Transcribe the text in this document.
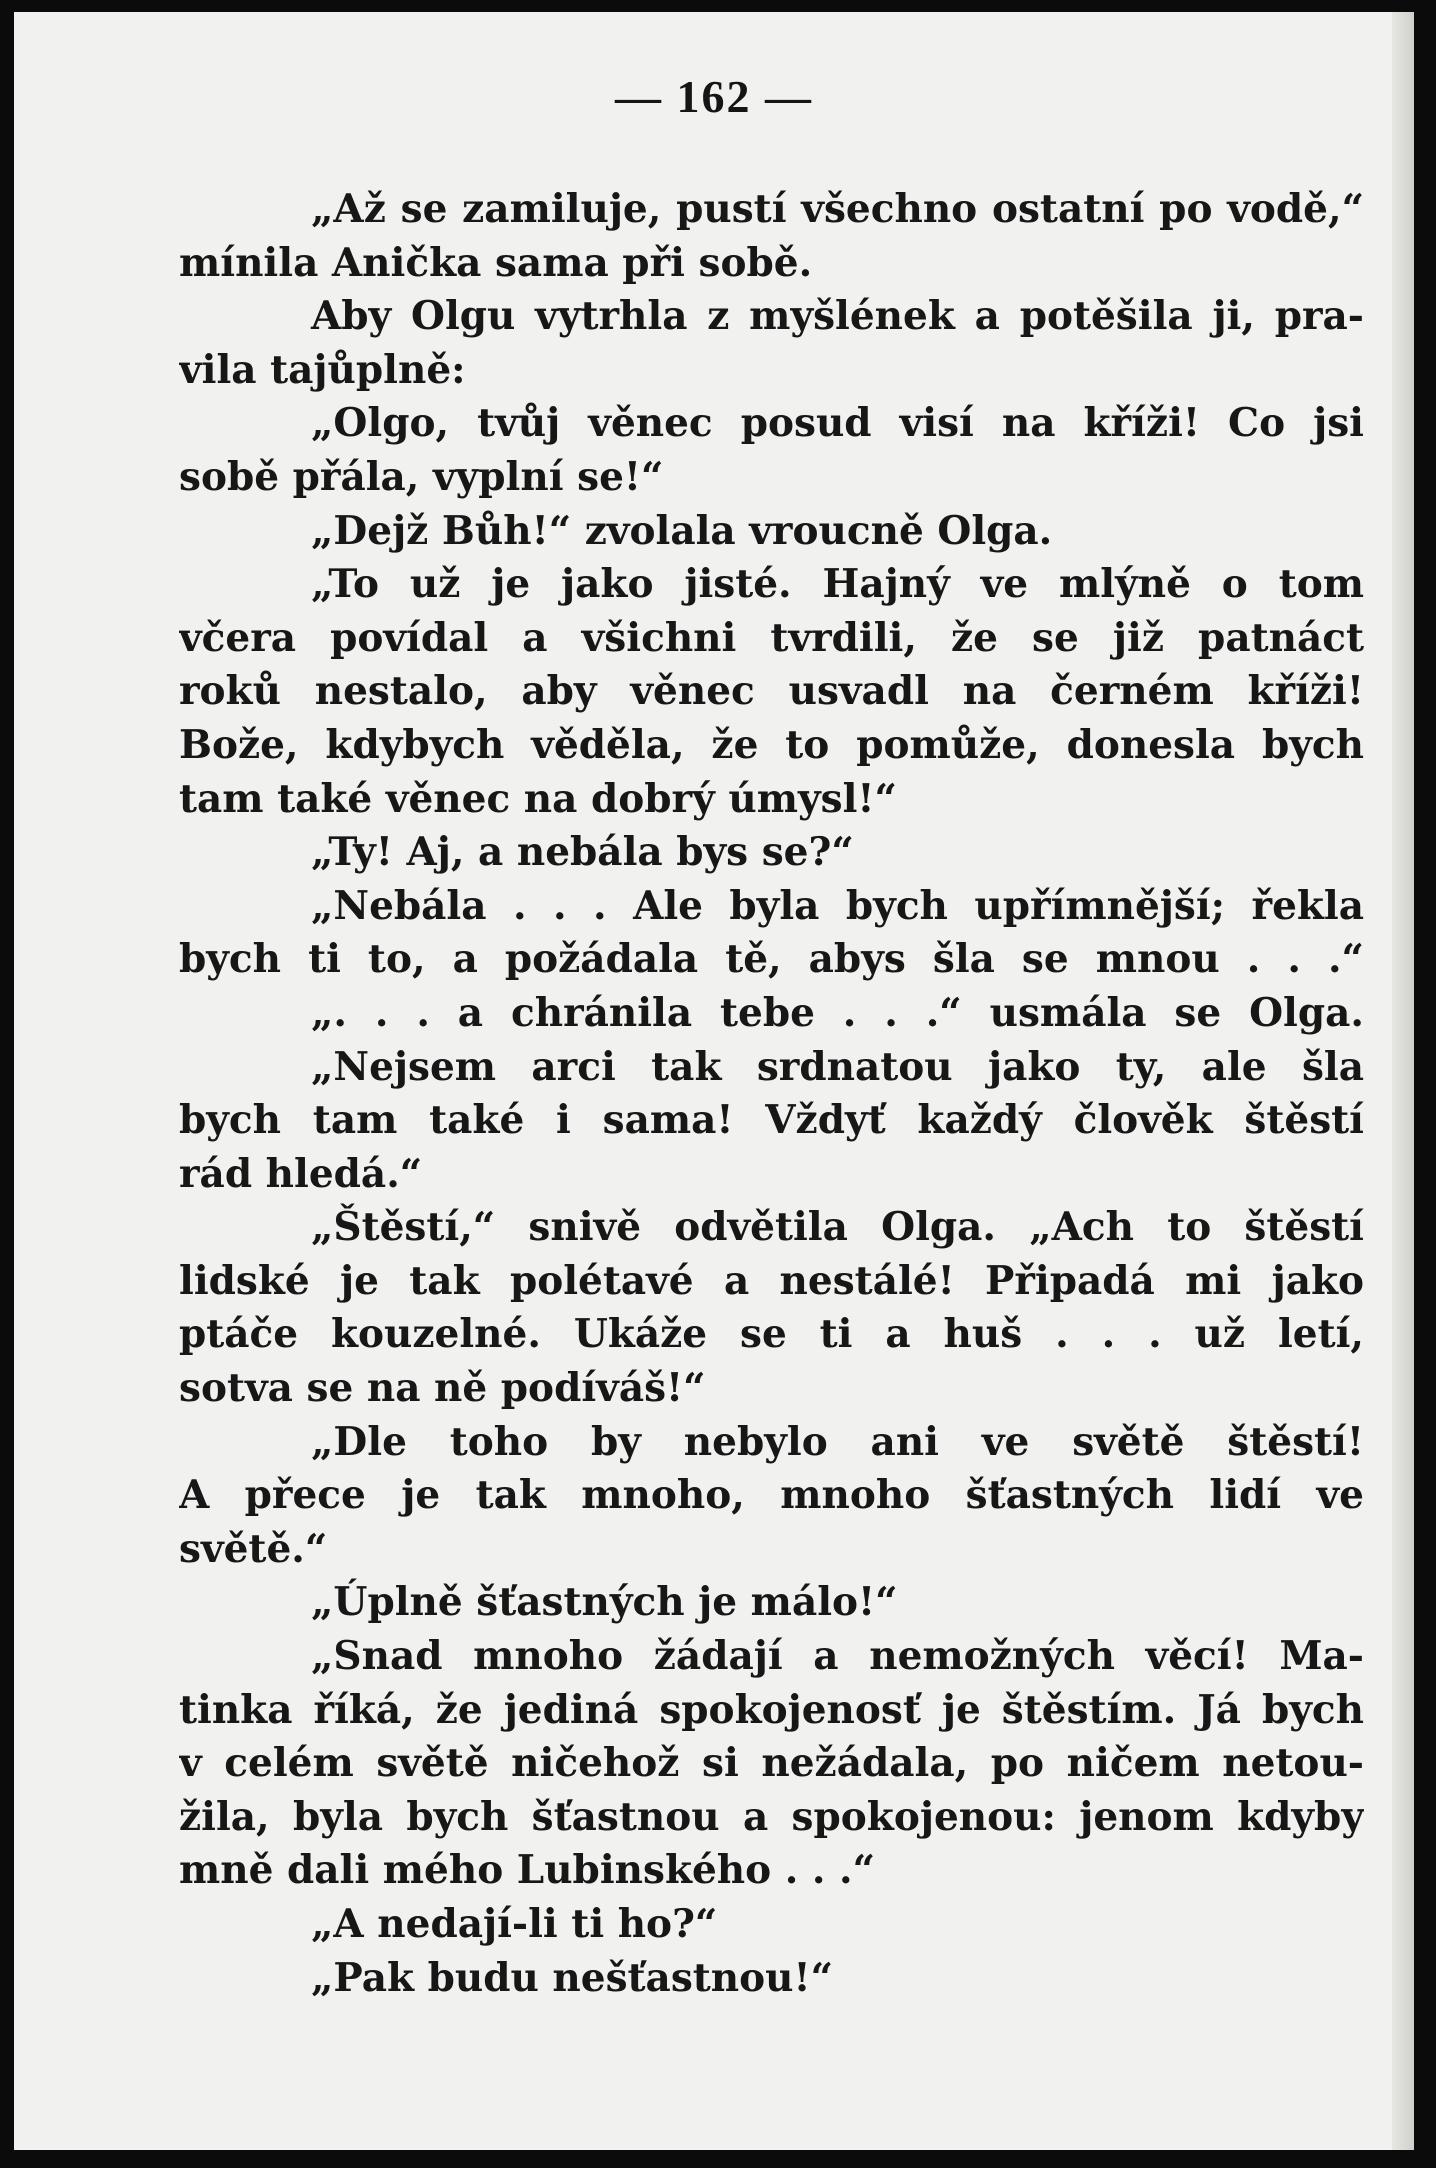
— 162 —
„Až se zamiluje, pustí všechno ostatní po vodě,“
mínila Anička sama při sobě.
Aby Olgu vytrhla z myšlének a potěšila ji, pra-
vila tajůplně:
„Olgo, tvůj věnec posud visí na kříži! Co jsi
sobě přála, vyplní se!“
„Dejž Bůh!“ zvolala vroucně Olga.
„To už je jako jisté. Hajný ve mlýně o tom
včera povídal a všichni tvrdili, že se již patnáct
roků nestalo, aby věnec usvadl na černém kříži!
Bože, kdybych věděla, že to pomůže, donesla bych
tam také věnec na dobrý úmysl!“
„Ty! Aj, a nebála bys se?“
„Nebála . . . Ale byla bych upřímnější; řekla
bych ti to, a požádala tě, abys šla se mnou . . .“
„. . . a chránila tebe . . .“ usmála se Olga.
„Nejsem arci tak srdnatou jako ty, ale šla
bych tam také i sama! Vždyť každý člověk štěstí
rád hledá.“
„Štěstí,“ snivě odvětila Olga. „Ach to štěstí
lidské je tak polétavé a nestálé! Připadá mi jako
ptáče kouzelné. Ukáže se ti a huš . . . už letí,
sotva se na ně podíváš!“
„Dle toho by nebylo ani ve světě štěstí!
A přece je tak mnoho, mnoho šťastných lidí ve
světě.“
„Úplně šťastných je málo!“
„Snad mnoho žádají a nemožných věcí! Ma-
tinka říká, že jediná spokojenosť je štěstím. Já bych
v celém světě ničehož si nežádala, po ničem netou-
žila, byla bych šťastnou a spokojenou: jenom kdyby
mně dali mého Lubinského . . .“
„A nedají-li ti ho?“
„Pak budu nešťastnou!“
